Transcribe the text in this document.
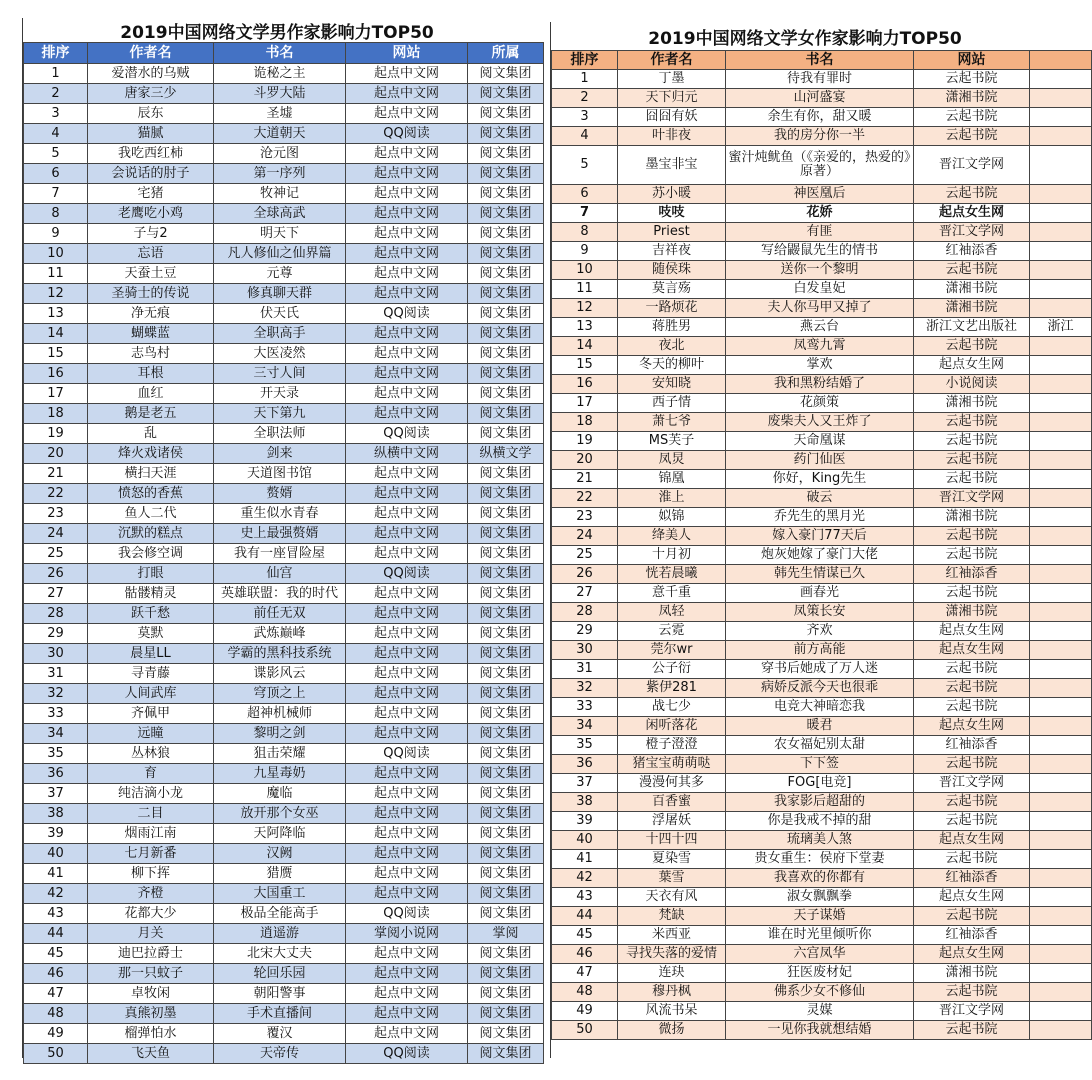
2019中国网络文学男作家影响力TOP50
排序	作者名	书名	网站	所属
1	爱潜水的乌贼	诡秘之主	起点中文网	阅文集团
2	唐家三少	斗罗大陆	起点中文网	阅文集团
3	辰东	圣墟	起点中文网	阅文集团
4	猫腻	大道朝天	QQ阅读	阅文集团
5	我吃西红柿	沧元图	起点中文网	阅文集团
6	会说话的肘子	第一序列	起点中文网	阅文集团
7	宅猪	牧神记	起点中文网	阅文集团
8	老鹰吃小鸡	全球高武	起点中文网	阅文集团
9	子与2	明天下	起点中文网	阅文集团
10	忘语	凡人修仙之仙界篇	起点中文网	阅文集团
11	天蚕土豆	元尊	起点中文网	阅文集团
12	圣骑士的传说	修真聊天群	起点中文网	阅文集团
13	净无痕	伏天氏	QQ阅读	阅文集团
14	蝴蝶蓝	全职高手	起点中文网	阅文集团
15	志鸟村	大医凌然	起点中文网	阅文集团
16	耳根	三寸人间	起点中文网	阅文集团
17	血红	开天录	起点中文网	阅文集团
18	鹅是老五	天下第九	起点中文网	阅文集团
19	乱	全职法师	QQ阅读	阅文集团
20	烽火戏诸侯	剑来	纵横中文网	纵横文学
21	横扫天涯	天道图书馆	起点中文网	阅文集团
22	愤怒的香蕉	赘婿	起点中文网	阅文集团
23	鱼人二代	重生似水青春	起点中文网	阅文集团
24	沉默的糕点	史上最强赘婿	起点中文网	阅文集团
25	我会修空调	我有一座冒险屋	起点中文网	阅文集团
26	打眼	仙宫	QQ阅读	阅文集团
27	骷髅精灵	英雄联盟：我的时代	起点中文网	阅文集团
28	跃千愁	前任无双	起点中文网	阅文集团
29	莫默	武炼巅峰	起点中文网	阅文集团
30	晨星LL	学霸的黑科技系统	起点中文网	阅文集团
31	寻青藤	谍影风云	起点中文网	阅文集团
32	人间武库	穹顶之上	起点中文网	阅文集团
33	齐佩甲	超神机械师	起点中文网	阅文集团
34	远瞳	黎明之剑	起点中文网	阅文集团
35	丛林狼	狙击荣耀	QQ阅读	阅文集团
36	育	九星毒奶	起点中文网	阅文集团
37	纯洁滴小龙	魔临	起点中文网	阅文集团
38	二目	放开那个女巫	起点中文网	阅文集团
39	烟雨江南	天阿降临	起点中文网	阅文集团
40	七月新番	汉阙	起点中文网	阅文集团
41	柳下挥	猎赝	起点中文网	阅文集团
42	齐橙	大国重工	起点中文网	阅文集团
43	花都大少	极品全能高手	QQ阅读	阅文集团
44	月关	逍遥游	掌阅小说网	掌阅
45	迪巴拉爵士	北宋大丈夫	起点中文网	阅文集团
46	那一只蚊子	轮回乐园	起点中文网	阅文集团
47	卓牧闲	朝阳警事	起点中文网	阅文集团
48	真熊初墨	手术直播间	起点中文网	阅文集团
49	榴弹怕水	覆汉	起点中文网	阅文集团
50	飞天鱼	天帝传	QQ阅读	阅文集团
2019中国网络文学女作家影响力TOP50
排序	作者名	书名	网站	
1	丁墨	待我有罪时	云起书院	
2	天下归元	山河盛宴	潇湘书院	
3	囧囧有妖	余生有你，甜又暖	云起书院	
4	叶非夜	我的房分你一半	云起书院	
5	墨宝非宝	蜜汁炖鱿鱼（《亲爱的，热爱的》原著）	晋江文学网	
6	苏小暖	神医凰后	云起书院	
7	吱吱	花娇	起点女生网	
8	Priest	有匪	晋江文学网	
9	吉祥夜	写给鼹鼠先生的情书	红袖添香	
10	随侯珠	送你一个黎明	云起书院	
11	莫言殇	白发皇妃	潇湘书院	
12	一路烦花	夫人你马甲又掉了	潇湘书院	
13	蒋胜男	燕云台	浙江文艺出版社	浙江
14	夜北	凤鸾九霄	云起书院	
15	冬天的柳叶	掌欢	起点女生网	
16	安知晓	我和黑粉结婚了	小说阅读	
17	西子情	花颜策	潇湘书院	
18	萧七爷	废柴夫人又王炸了	云起书院	
19	MS芙子	天命凰谋	云起书院	
20	凤炅	药门仙医	云起书院	
21	锦凰	你好，King先生	云起书院	
22	淮上	破云	晋江文学网	
23	姒锦	乔先生的黑月光	潇湘书院	
24	绛美人	嫁入豪门77天后	云起书院	
25	十月初	炮灰她嫁了豪门大佬	云起书院	
26	恍若晨曦	韩先生情谋已久	红袖添香	
27	意千重	画春光	云起书院	
28	凤轻	凤策长安	潇湘书院	
29	云霓	齐欢	起点女生网	
30	莞尔wr	前方高能	起点女生网	
31	公子衍	穿书后她成了万人迷	云起书院	
32	紫伊281	病娇反派今天也很乖	云起书院	
33	战七少	电竞大神暗恋我	云起书院	
34	闲听落花	暖君	起点女生网	
35	橙子澄澄	农女福妃别太甜	红袖添香	
36	猪宝宝萌萌哒	下下签	云起书院	
37	漫漫何其多	FOG[电竞]	晋江文学网	
38	百香蜜	我家影后超甜的	云起书院	
39	浮屠妖	你是我戒不掉的甜	云起书院	
40	十四十四	琉璃美人煞	起点女生网	
41	夏染雪	贵女重生：侯府下堂妻	云起书院	
42	葉雪	我喜欢的你都有	红袖添香	
43	天衣有风	淑女飘飘拳	起点女生网	
44	梵缺	天子谋婚	云起书院	
45	米西亚	谁在时光里倾听你	红袖添香	
46	寻找失落的爱情	六宫凤华	起点女生网	
47	连玦	狂医废材妃	潇湘书院	
48	穆丹枫	佛系少女不修仙	云起书院	
49	风流书呆	灵媒	晋江文学网	
50	微扬	一见你我就想结婚	云起书院	
